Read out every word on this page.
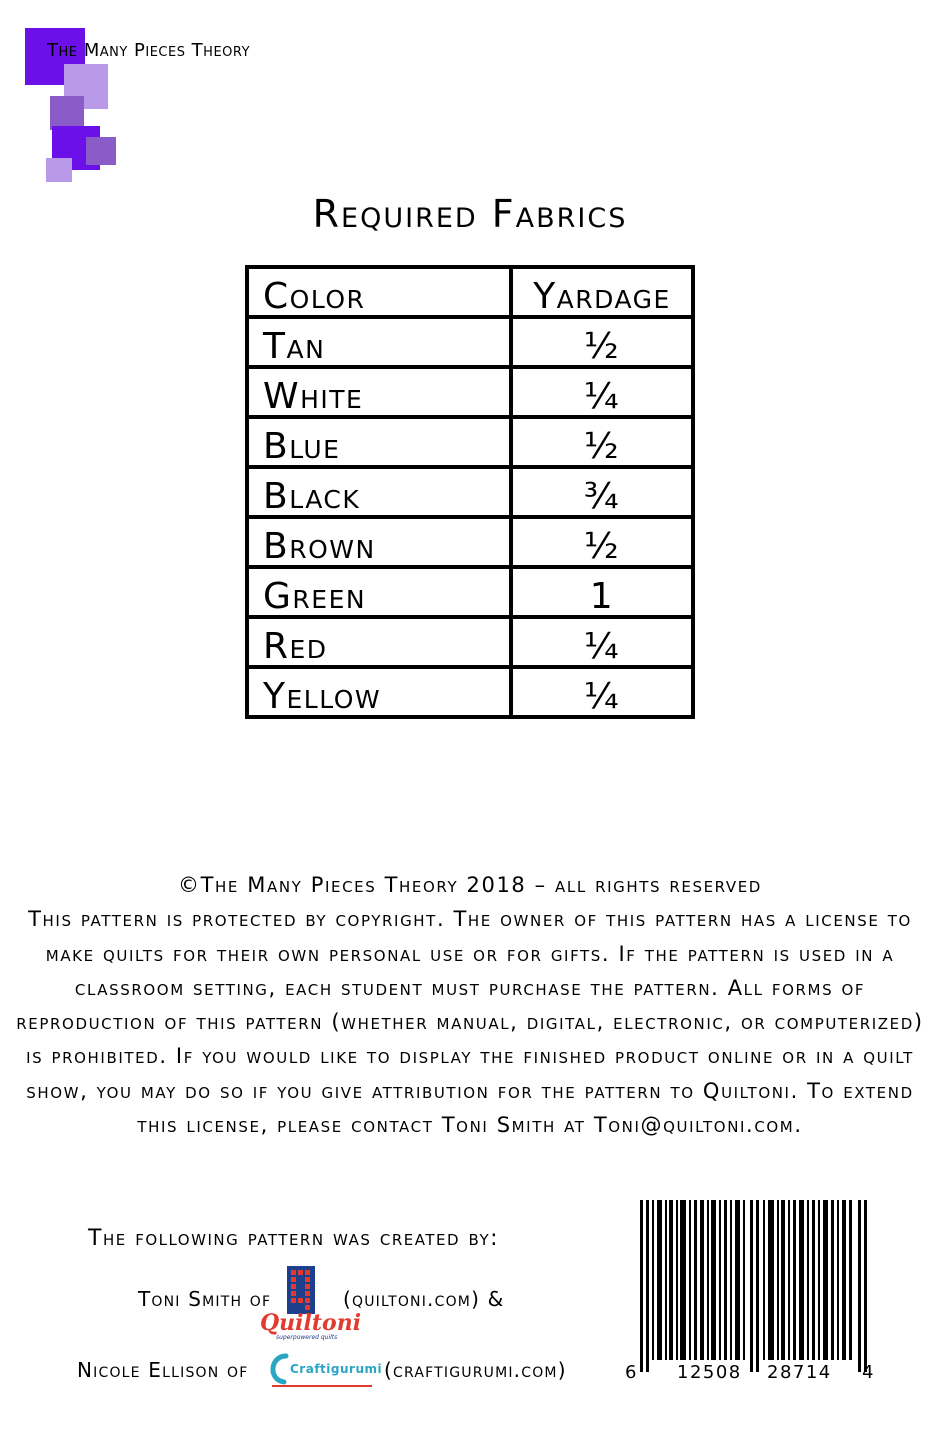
The Many Pieces Theory
Required Fabrics
Color	Yardage
Tan	½
White	¼
Blue	½
Black	¾
Brown	½
Green	1
Red	¼
Yellow	¼

©The Many Pieces Theory 2018 – all rights reserved

This pattern is protected by copyright. The owner of this pattern has a license to make quilts for their own personal use or for gifts. If the pattern is used in a classroom setting, each student must purchase the pattern. All forms of reproduction of this pattern (whether manual, digital, electronic, or computerized) is prohibited. If you would like to display the finished product online or in a quilt show, you may do so if you give attribution for the pattern to Quiltoni. To extend this license, please contact Toni Smith at Toni@quiltoni.com.

The following pattern was created by:
Toni Smith of
Quiltoni
superpowered quilts
(quiltoni.com) &
Nicole Ellison of	Craftigurumi (craftigurumi.com)	6 12508 28714 4
